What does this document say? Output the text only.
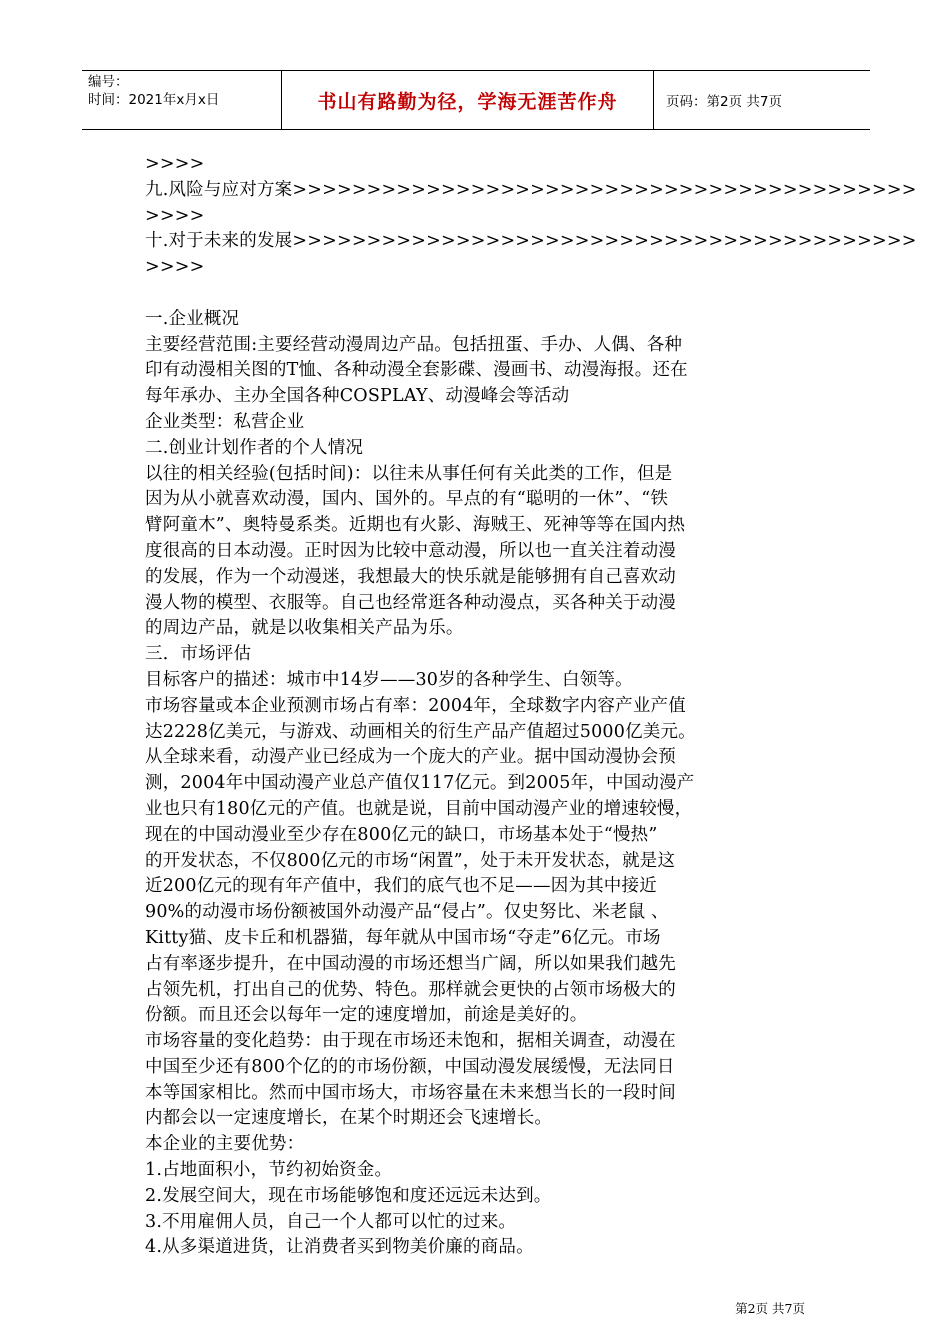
编号：
时间：2021年x月x日	书山有路勤为径，学海无涯苦作舟	页码：第2页 共7页
>>>>
九.风险与应对方案>>>>>>>>>>>>>>>>>>>>>>>>>>>>>>>>>>>>>>>>>>
>>>>
十.对于未来的发展>>>>>>>>>>>>>>>>>>>>>>>>>>>>>>>>>>>>>>>>>>
>>>>
一.企业概况
主要经营范围:主要经营动漫周边产品。包括扭蛋、手办、人偶、各种
印有动漫相关图的T恤、各种动漫全套影碟、漫画书、动漫海报。还在
每年承办、主办全国各种COSPLAY、动漫峰会等活动
企业类型：私营企业
二.创业计划作者的个人情况
以往的相关经验(包括时间)：以往未从事任何有关此类的工作，但是
因为从小就喜欢动漫，国内、国外的。早点的有“聪明的一休”、“铁
臂阿童木”、奥特曼系类。近期也有火影、海贼王、死神等等在国内热
度很高的日本动漫。正时因为比较中意动漫，所以也一直关注着动漫
的发展，作为一个动漫迷，我想最大的快乐就是能够拥有自己喜欢动
漫人物的模型、衣服等。自己也经常逛各种动漫点，买各种关于动漫
的周边产品，就是以收集相关产品为乐。
三．市场评估
目标客户的描述：城市中14岁——30岁的各种学生、白领等。
市场容量或本企业预测市场占有率：2004年，全球数字内容产业产值
达2228亿美元，与游戏、动画相关的衍生产品产值超过5000亿美元。
从全球来看，动漫产业已经成为一个庞大的产业。据中国动漫协会预
测，2004年中国动漫产业总产值仅117亿元。到2005年，中国动漫产
业也只有180亿元的产值。也就是说，目前中国动漫产业的增速较慢，
现在的中国动漫业至少存在800亿元的缺口，市场基本处于“慢热”
的开发状态，不仅800亿元的市场“闲置”，处于未开发状态，就是这
近200亿元的现有年产值中，我们的底气也不足——因为其中接近
90%的动漫市场份额被国外动漫产品“侵占”。仅史努比、米老鼠 、
Kitty猫、皮卡丘和机器猫，每年就从中国市场“夺走”6亿元。市场
占有率逐步提升，在中国动漫的市场还想当广阔，所以如果我们越先
占领先机，打出自己的优势、特色。那样就会更快的占领市场极大的
份额。而且还会以每年一定的速度增加，前途是美好的。
市场容量的变化趋势：由于现在市场还未饱和，据相关调查，动漫在
中国至少还有800个亿的的市场份额，中国动漫发展缓慢，无法同日
本等国家相比。然而中国市场大，市场容量在未来想当长的一段时间
内都会以一定速度增长，在某个时期还会飞速增长。
本企业的主要优势：
1.占地面积小，节约初始资金。
2.发展空间大，现在市场能够饱和度还远远未达到。
3.不用雇佣人员，自己一个人都可以忙的过来。
4.从多渠道进货，让消费者买到物美价廉的商品。
第2页 共7页
